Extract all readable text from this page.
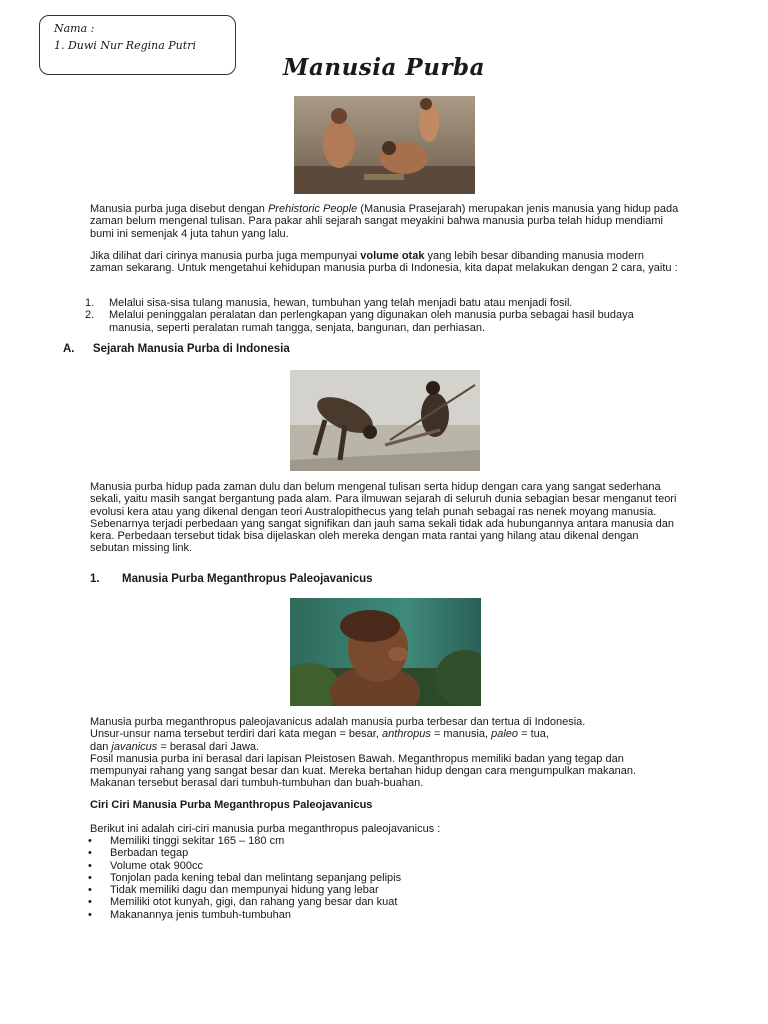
Nama :
1. Duwi Nur Regina Putri
Manusia Purba
Manusia purba juga disebut dengan Prehistoric People (Manusia Prasejarah) merupakan jenis manusia yang hidup pada zaman belum mengenal tulisan. Para pakar ahli sejarah sangat meyakini bahwa manusia purba telah hidup mendiami bumi ini semenjak 4 juta tahun yang lalu.
Jika dilihat dari cirinya manusia purba juga mempunyai volume otak yang lebih besar dibanding manusia modern zaman sekarang. Untuk mengetahui kehidupan manusia purba di Indonesia, kita dapat melakukan dengan 2 cara, yaitu :
1. Melalui sisa-sisa tulang manusia, hewan, tumbuhan yang telah menjadi batu atau menjadi fosil.
2. Melalui peninggalan peralatan dan perlengkapan yang digunakan oleh manusia purba sebagai hasil budaya manusia, seperti peralatan rumah tangga, senjata, bangunan, dan perhiasan.
A. Sejarah Manusia Purba di Indonesia
Manusia purba hidup pada zaman dulu dan belum mengenal tulisan serta hidup dengan cara yang sangat sederhana sekali, yaitu masih sangat bergantung pada alam. Para ilmuwan sejarah di seluruh dunia sebagian besar menganut teori evolusi kera atau yang dikenal dengan teori Australopithecus yang telah punah sebagai ras nenek moyang manusia.
Sebenarnya terjadi perbedaan yang sangat signifikan dan jauh sama sekali tidak ada hubungannya antara manusia dan kera. Perbedaan tersebut tidak bisa dijelaskan oleh mereka dengan mata rantai yang hilang atau dikenal dengan sebutan missing link.
1. Manusia Purba Meganthropus Paleojavanicus
Manusia purba meganthropus paleojavanicus adalah manusia purba terbesar dan tertua di Indonesia.
Unsur-unsur nama tersebut terdiri dari kata megan = besar, anthropus = manusia, paleo = tua,
dan javanicus = berasal dari Jawa.
Fosil manusia purba ini berasal dari lapisan Pleistosen Bawah. Meganthropus memiliki badan yang tegap dan mempunyai rahang yang sangat besar dan kuat. Mereka bertahan hidup dengan cara mengumpulkan makanan. Makanan tersebut berasal dari tumbuh-tumbuhan dan buah-buahan.
Ciri Ciri Manusia Purba Meganthropus Paleojavanicus
Berikut ini adalah ciri-ciri manusia purba meganthropus paleojavanicus :
• Memiliki tinggi sekitar 165 – 180 cm
• Berbadan tegap
• Volume otak 900cc
• Tonjolan pada kening tebal dan melintang sepanjang pelipis
• Tidak memiliki dagu dan mempunyai hidung yang lebar
• Memiliki otot kunyah, gigi, dan rahang yang besar dan kuat
• Makanannya jenis tumbuh-tumbuhan
